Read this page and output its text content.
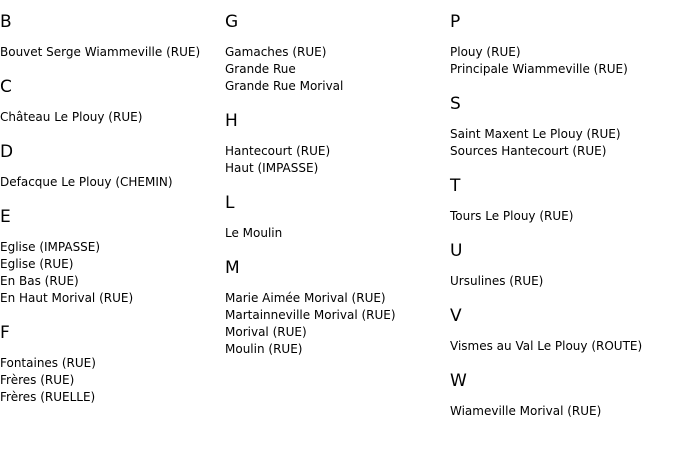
B
Bouvet Serge Wiammeville (RUE)
C
Château Le Plouy (RUE)
D
Defacque Le Plouy (CHEMIN)
E
Eglise (IMPASSE)
Eglise (RUE)
En Bas (RUE)
En Haut Morival (RUE)
F
Fontaines (RUE)
Frères (RUE)
Frères (RUELLE)
G
Gamaches (RUE)
Grande Rue
Grande Rue Morival
H
Hantecourt (RUE)
Haut (IMPASSE)
L
Le Moulin
M
Marie Aimée Morival (RUE)
Martainneville Morival (RUE)
Morival (RUE)
Moulin (RUE)
P
Plouy (RUE)
Principale Wiammeville (RUE)
S
Saint Maxent Le Plouy (RUE)
Sources Hantecourt (RUE)
T
Tours Le Plouy (RUE)
U
Ursulines (RUE)
V
Vismes au Val Le Plouy (ROUTE)
W
Wiameville Morival (RUE)
